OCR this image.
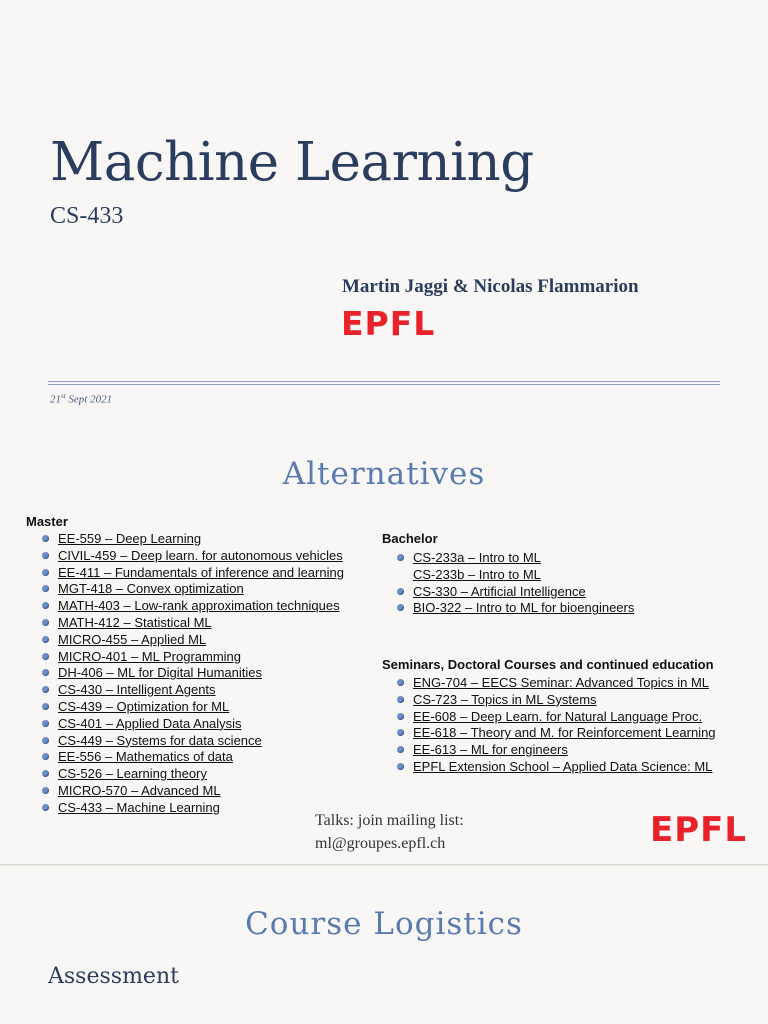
Machine Learning
CS-433
Martin Jaggi & Nicolas Flammarion
EPFL
21st Sept 2021
Alternatives
Master
EE-559 – Deep Learning
CIVIL-459 – Deep learn. for autonomous vehicles
EE-411 – Fundamentals of inference and learning
MGT-418 – Convex optimization
MATH-403 – Low-rank approximation techniques
MATH-412 – Statistical ML
MICRO-455 – Applied ML
MICRO-401 – ML Programming
DH-406 – ML for Digital Humanities
CS-430 – Intelligent Agents
CS-439 – Optimization for ML
CS-401 – Applied Data Analysis
CS-449 – Systems for data science
EE-556 – Mathematics of data
CS-526 – Learning theory
MICRO-570 – Advanced ML
CS-433 – Machine Learning
Bachelor
CS-233a – Intro to ML
CS-233b – Intro to ML
CS-330 – Artificial Intelligence
BIO-322 – Intro to ML for bioengineers
Seminars, Doctoral Courses and continued education
ENG-704 – EECS Seminar: Advanced Topics in ML
CS-723 – Topics in ML Systems
EE-608 – Deep Learn. for Natural Language Proc.
EE-618 – Theory and M. for Reinforcement Learning
EE-613 – ML for engineers
EPFL Extension School – Applied Data Science: ML
Talks: join mailing list:
ml@groupes.epfl.ch	EPFL
Course Logistics
Assessment
